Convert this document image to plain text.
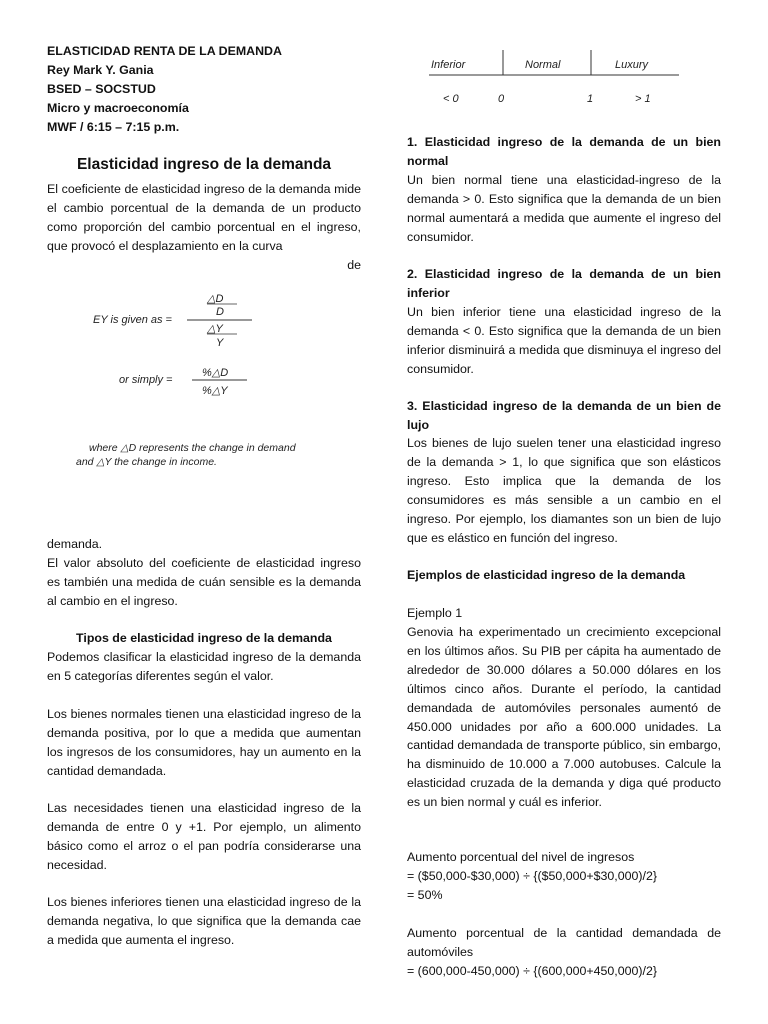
ELASTICIDAD RENTA DE LA DEMANDA
Rey Mark Y. Gania
BSED – SOCSTUD
Micro y macroeconomía
MWF / 6:15 – 7:15 p.m.
Elasticidad ingreso de la demanda

El coeficiente de elasticidad ingreso de la demanda mide el cambio porcentual de la demanda de un producto como proporción del cambio porcentual en el ingreso, que provocó el desplazamiento en la curva

de

EY is given as =
△D
D
△Y
Y
or simply =
%△D
%△Y
where △D represents the change in demand
and △Y the change in income.

demanda.

El valor absoluto del coeficiente de elasticidad ingreso es también una medida de cuán sensible es la demanda al cambio en el ingreso.

Tipos de elasticidad ingreso de la demanda

Podemos clasificar la elasticidad ingreso de la demanda en 5 categorías diferentes según el valor.

Los bienes normales tienen una elasticidad ingreso de la demanda positiva, por lo que a medida que aumentan los ingresos de los consumidores, hay un aumento en la cantidad demandada.

Las necesidades tienen una elasticidad ingreso de la demanda de entre 0 y +1. Por ejemplo, un alimento básico como el arroz o el pan podría considerarse una necesidad.

Los bienes inferiores tienen una elasticidad ingreso de la demanda negativa, lo que significa que la demanda cae a medida que aumenta el ingreso.

Inferior	Normal	Luxury
< 0	0	1	> 1

1. Elasticidad ingreso de la demanda de un bien normal

Un bien normal tiene una elasticidad-ingreso de la demanda > 0. Esto significa que la demanda de un bien normal aumentará a medida que aumente el ingreso del consumidor.

2. Elasticidad ingreso de la demanda de un bien inferior

Un bien inferior tiene una elasticidad ingreso de la demanda < 0. Esto significa que la demanda de un bien inferior disminuirá a medida que disminuya el ingreso del consumidor.

3. Elasticidad ingreso de la demanda de un bien de lujo

Los bienes de lujo suelen tener una elasticidad ingreso de la demanda > 1, lo que significa que son elásticos ingreso. Esto implica que la demanda de los consumidores es más sensible a un cambio en el ingreso. Por ejemplo, los diamantes son un bien de lujo que es elástico en función del ingreso.

Ejemplos de elasticidad ingreso de la demanda

Ejemplo 1

Genovia ha experimentado un crecimiento excepcional en los últimos años. Su PIB per cápita ha aumentado de alrededor de 30.000 dólares a 50.000 dólares en los últimos cinco años. Durante el período, la cantidad demandada de automóviles personales aumentó de 450.000 unidades por año a 600.000 unidades. La cantidad demandada de transporte público, sin embargo, ha disminuido de 10.000 a 7.000 autobuses. Calcule la elasticidad cruzada de la demanda y diga qué producto es un bien normal y cuál es inferior.

Aumento porcentual del nivel de ingresos

= ($50,000-$30,000) ÷ {($50,000+$30,000)/2}

= 50%

Aumento porcentual de la cantidad demandada de automóviles

= (600,000-450,000) ÷ {(600,000+450,000)/2}
